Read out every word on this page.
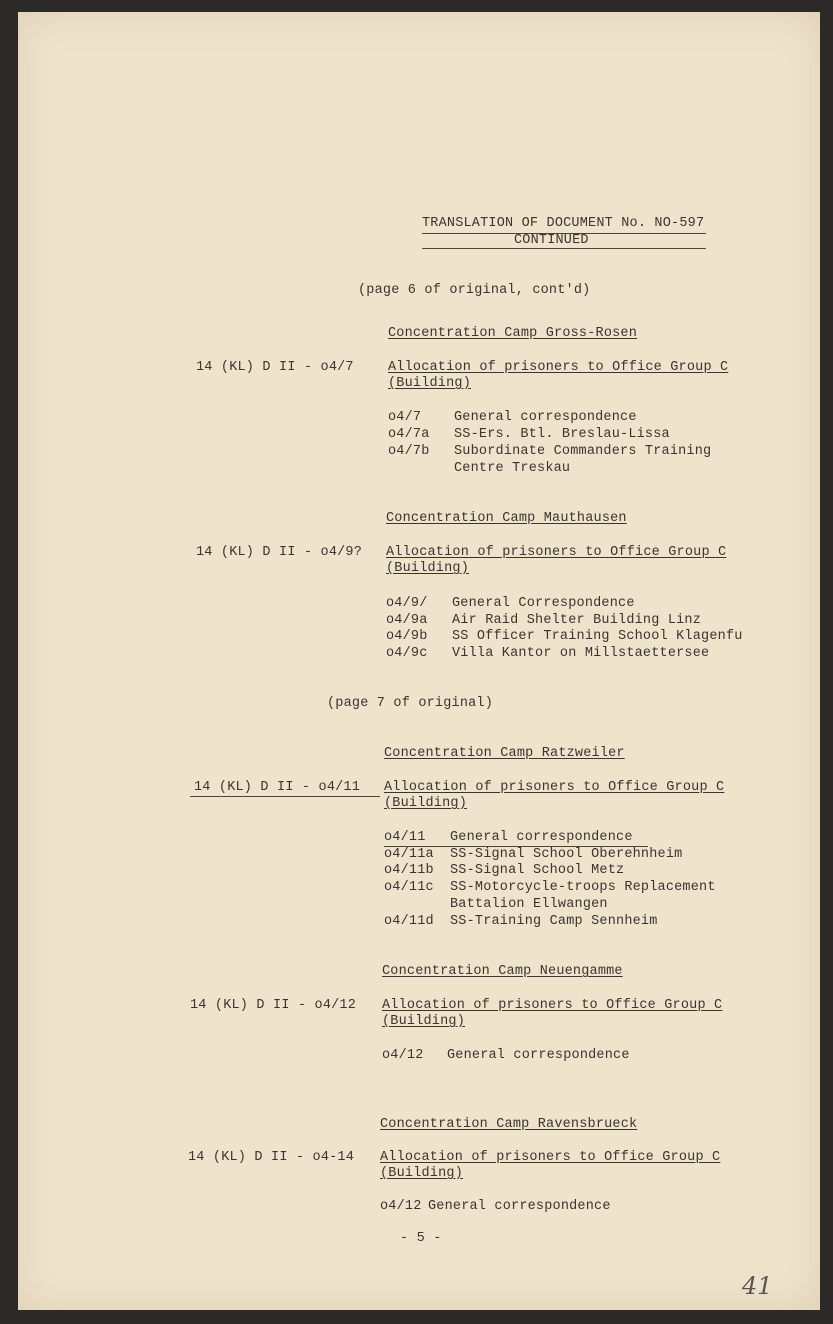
TRANSLATION OF DOCUMENT No. NO-597
CONTINUED
(page 6 of original, cont'd)
Concentration Camp Gross-Rosen
14 (KL) D II - o4/7	Allocation of prisoners to Office Group C
(Building)
o4/7 General correspondence
o4/7a SS-Ers. Btl. Breslau-Lissa
o4/7b Subordinate Commanders Training
Centre Treskau
Concentration Camp Mauthausen
14 (KL) D II - o4/9? Allocation of prisoners to Office Group C
(Building)
o4/9/ General Correspondence
o4/9a Air Raid Shelter Building Linz
o4/9b SS Officer Training School Klagenfu
o4/9c Villa Kantor on Millstaettersee
(page 7 of original)
Concentration Camp Ratzweiler
14 (KL) D II - o4/11 Allocation of prisoners to Office Group C
(Building)
o4/11 General correspondence
o4/11a SS-Signal School Oberehnheim
o4/11b SS-Signal School Metz
o4/11c SS-Motorcycle-troops Replacement
Battalion Ellwangen
o4/11d SS-Training Camp Sennheim
Concentration Camp Neuengamme
14 (KL) D II - o4/12 Allocation of prisoners to Office Group C
(Building)
o4/12 General correspondence
Concentration Camp Ravensbrueck
14 (KL) D II - o4-14 Allocation of prisoners to Office Group C
(Building)
o4/12 General correspondence
- 5 -
41
